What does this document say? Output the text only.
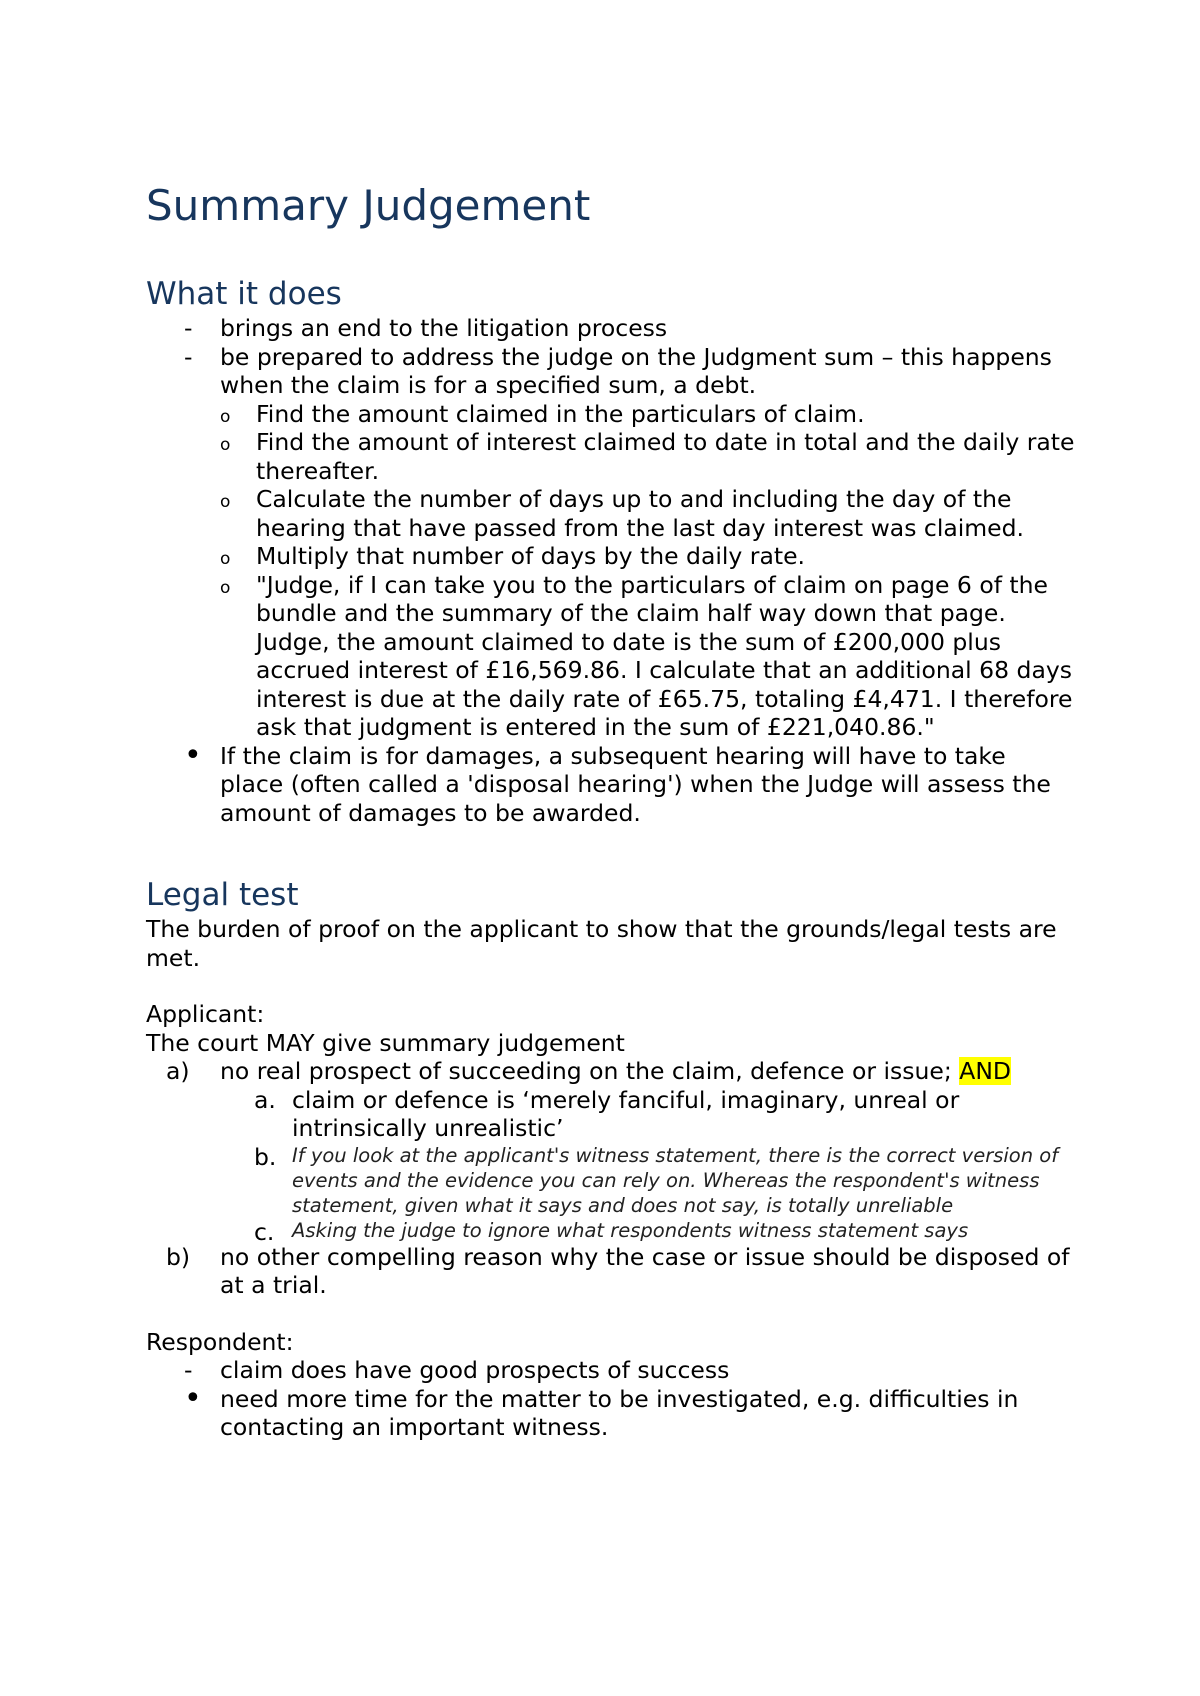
Summary Judgement
What it does
- brings an end to the litigation process
- be prepared to address the judge on the Judgment sum – this happens when the claim is for a specified sum, a debt.
o Find the amount claimed in the particulars of claim.
o Find the amount of interest claimed to date in total and the daily rate thereafter.
o Calculate the number of days up to and including the day of the hearing that have passed from the last day interest was claimed.
o Multiply that number of days by the daily rate.
o "Judge, if I can take you to the particulars of claim on page 6 of the bundle and the summary of the claim half way down that page. Judge, the amount claimed to date is the sum of £200,000 plus accrued interest of £16,569.86. I calculate that an additional 68 days interest is due at the daily rate of £65.75, totaling £4,471. I therefore ask that judgment is entered in the sum of £221,040.86."
• If the claim is for damages, a subsequent hearing will have to take place (often called a 'disposal hearing') when the Judge will assess the amount of damages to be awarded.
Legal test

The burden of proof on the applicant to show that the grounds/legal tests are met.

Applicant:

The court MAY give summary judgement

a) no real prospect of succeeding on the claim, defence or issue; AND
a. claim or defence is ‘merely fanciful, imaginary, unreal or intrinsically unrealistic’
b. If you look at the applicant's witness statement, there is the correct version of events and the evidence you can rely on. Whereas the respondent's witness statement, given what it says and does not say, is totally unreliable
c. Asking the judge to ignore what respondents witness statement says
b) no other compelling reason why the case or issue should be disposed of at a trial.

Respondent:

- claim does have good prospects of success
• need more time for the matter to be investigated, e.g. difficulties in contacting an important witness.
